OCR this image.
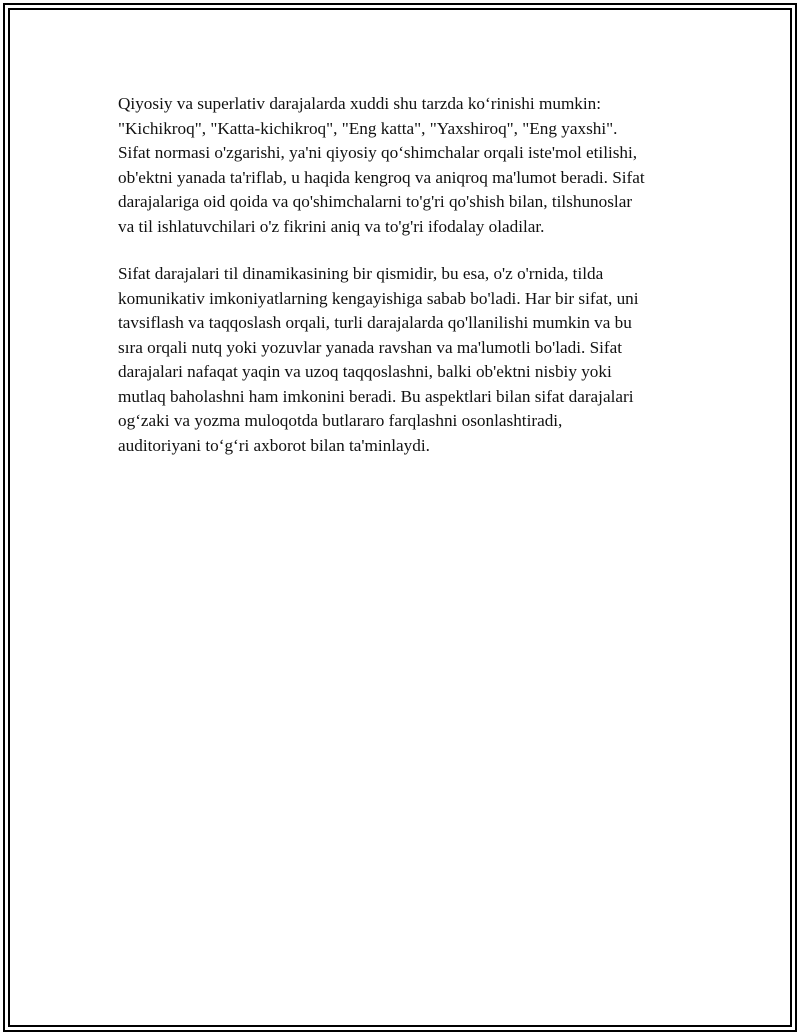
Qiyosiy va superlativ darajalarda xuddi shu tarzda ko‘rinishi mumkin:
"Kichikroq", "Katta-kichikroq", "Eng katta", "Yaxshiroq", "Eng yaxshi".
Sifat normasi o'zgarishi, ya'ni qiyosiy qo‘shimchalar orqali iste'mol etilishi,
ob'ektni yanada ta'riflab, u haqida kengroq va aniqroq ma'lumot beradi. Sifat
darajalariga oid qoida va qo'shimchalarni to'g'ri qo'shish bilan, tilshunoslar
va til ishlatuvchilari o'z fikrini aniq va to'g'ri ifodalay oladilar.

Sifat darajalari til dinamikasining bir qismidir, bu esa, o'z o'rnida, tilda
komunikativ imkoniyatlarning kengayishiga sabab bo'ladi. Har bir sifat, uni
tavsiflash va taqqoslash orqali, turli darajalarda qo'llanilishi mumkin va bu
sıra orqali nutq yoki yozuvlar yanada ravshan va ma'lumotli bo'ladi. Sifat
darajalari nafaqat yaqin va uzoq taqqoslashni, balki ob'ektni nisbiy yoki
mutlaq baholashni ham imkonini beradi. Bu aspektlari bilan sifat darajalari
og‘zaki va yozma muloqotda butlararo farqlashni osonlashtiradi,
auditoriyani to‘g‘ri axborot bilan ta'minlaydi.
